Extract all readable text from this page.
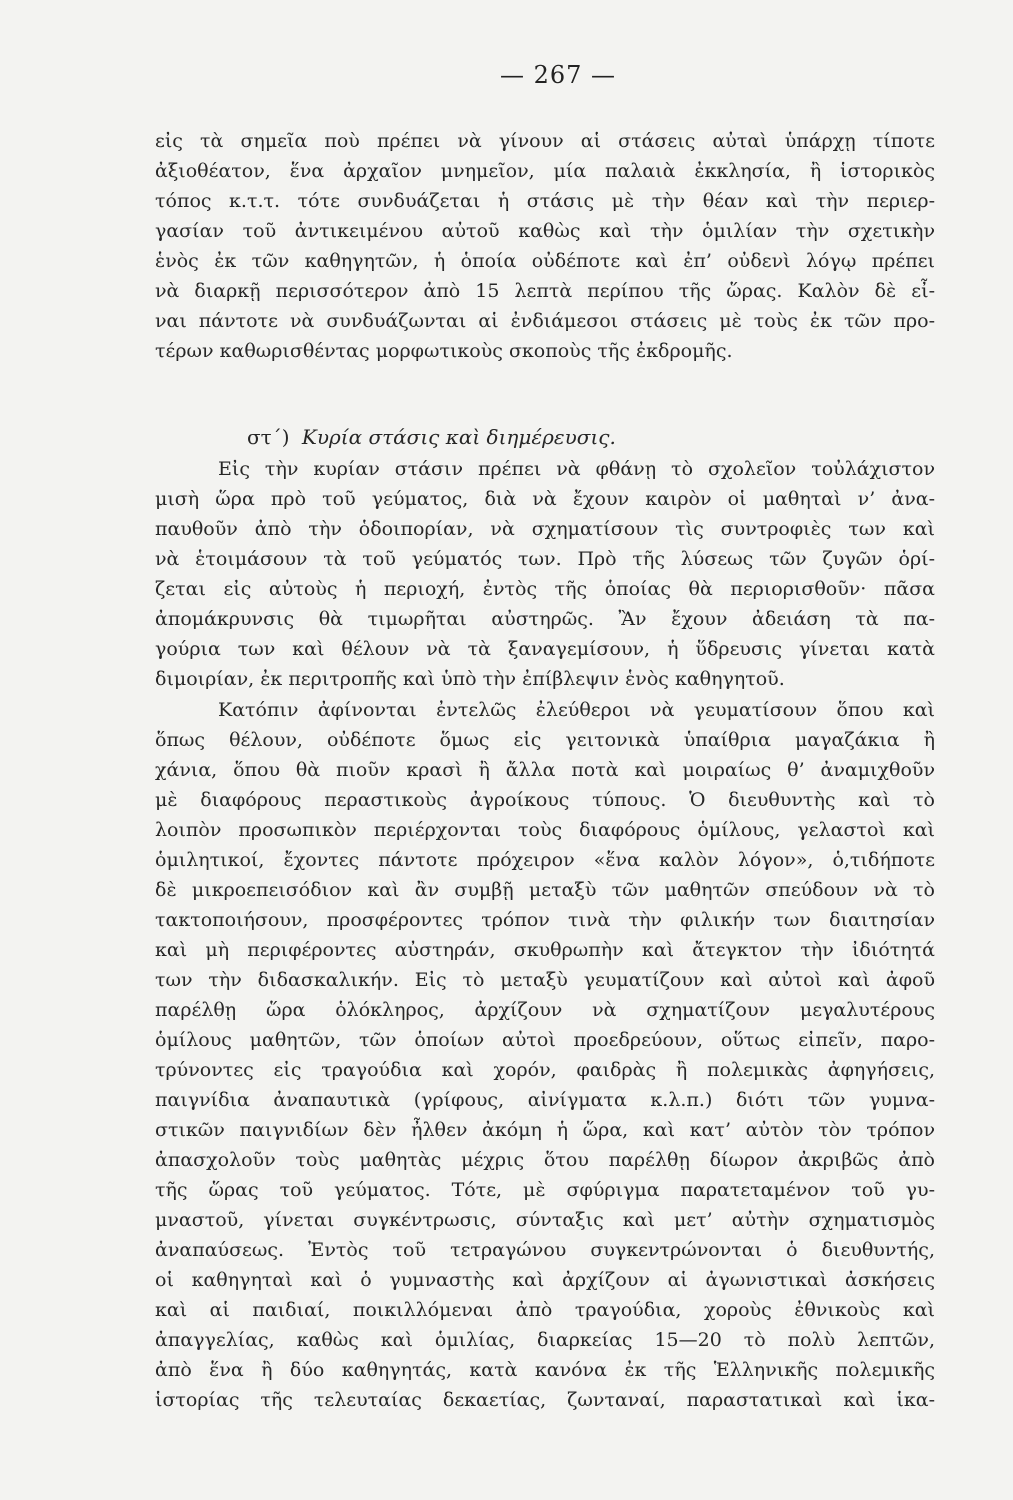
— 267 —
εἰς τὰ σημεῖα ποὺ πρέπει νὰ γίνουν αἱ στάσεις αὐταὶ ὑπάρχῃ τίποτε
ἀξιοθέατον, ἕνα ἀρχαῖον μνημεῖον, μία παλαιὰ ἐκκλησία, ἢ ἱστορικὸς
τόπος κ.τ.τ. τότε συνδυάζεται ἡ στάσις μὲ τὴν θέαν καὶ τὴν περιερ-
γασίαν τοῦ ἀντικειμένου αὐτοῦ καθὼς καὶ τὴν ὁμιλίαν τὴν σχετικὴν
ἑνὸς ἐκ τῶν καθηγητῶν, ἡ ὁποία οὐδέποτε καὶ ἐπ’ οὐδενὶ λόγῳ πρέπει
νὰ διαρκῇ περισσότερον ἀπὸ 15 λεπτὰ περίπου τῆς ὥρας. Καλὸν δὲ εἶ-
ναι πάντοτε νὰ συνδυάζωνται αἱ ἐνδιάμεσοι στάσεις μὲ τοὺς ἐκ τῶν προ-
τέρων καθωρισθέντας μορφωτικοὺς σκοποὺς τῆς ἐκδρομῆς.
στ΄) Κυρία στάσις καὶ διημέρευσις.
Εἰς τὴν κυρίαν στάσιν πρέπει νὰ φθάνῃ τὸ σχολεῖον τοὐλάχιστον
μισὴ ὥρα πρὸ τοῦ γεύματος, διὰ νὰ ἔχουν καιρὸν οἱ μαθηταὶ ν’ ἀνα-
παυθοῦν ἀπὸ τὴν ὁδοιπορίαν, νὰ σχηματίσουν τὶς συντροφιὲς των καὶ
νὰ ἑτοιμάσουν τὰ τοῦ γεύματός των. Πρὸ τῆς λύσεως τῶν ζυγῶν ὁρί-
ζεται εἰς αὐτοὺς ἡ περιοχή, ἐντὸς τῆς ὁποίας θὰ περιορισθοῦν· πᾶσα
ἀπομάκρυνσις θὰ τιμωρῆται αὐστηρῶς. Ἂν ἔχουν ἀδειάση τὰ πα-
γούρια των καὶ θέλουν νὰ τὰ ξαναγεμίσουν, ἡ ὕδρευσις γίνεται κατὰ
διμοιρίαν, ἐκ περιτροπῆς καὶ ὑπὸ τὴν ἐπίβλεψιν ἑνὸς καθηγητοῦ.
Κατόπιν ἀφίνονται ἐντελῶς ἐλεύθεροι νὰ γευματίσουν ὅπου καὶ
ὅπως θέλουν, οὐδέποτε ὅμως εἰς γειτονικὰ ὑπαίθρια μαγαζάκια ἢ
χάνια, ὅπου θὰ πιοῦν κρασὶ ἢ ἄλλα ποτὰ καὶ μοιραίως θ’ ἀναμιχθοῦν
μὲ διαφόρους περαστικοὺς ἀγροίκους τύπους. Ὁ διευθυντὴς καὶ τὸ
λοιπὸν προσωπικὸν περιέρχονται τοὺς διαφόρους ὁμίλους, γελαστοὶ καὶ
ὁμιλητικοί, ἔχοντες πάντοτε πρόχειρον «ἕνα καλὸν λόγον», ὁ,τιδήποτε
δὲ μικροεπεισόδιον καὶ ἂν συμβῇ μεταξὺ τῶν μαθητῶν σπεύδουν νὰ τὸ
τακτοποιήσουν, προσφέροντες τρόπον τινὰ τὴν φιλικήν των διαιτησίαν
καὶ μὴ περιφέροντες αὐστηράν, σκυθρωπὴν καὶ ἄτεγκτον τὴν ἰδιότητά
των τὴν διδασκαλικήν. Εἰς τὸ μεταξὺ γευματίζουν καὶ αὐτοὶ καὶ ἀφοῦ
παρέλθῃ ὥρα ὁλόκληρος, ἀρχίζουν νὰ σχηματίζουν μεγαλυτέρους
ὁμίλους μαθητῶν, τῶν ὁποίων αὐτοὶ προεδρεύουν, οὕτως εἰπεῖν, παρο-
τρύνοντες εἰς τραγούδια καὶ χορόν, φαιδρὰς ἢ πολεμικὰς ἀφηγήσεις,
παιγνίδια ἀναπαυτικὰ (γρίφους, αἰνίγματα κ.λ.π.) διότι τῶν γυμνα-
στικῶν παιγνιδίων δὲν ἦλθεν ἀκόμη ἡ ὥρα, καὶ κατ’ αὐτὸν τὸν τρόπον
ἀπασχολοῦν τοὺς μαθητὰς μέχρις ὅτου παρέλθῃ δίωρον ἀκριβῶς ἀπὸ
τῆς ὥρας τοῦ γεύματος. Τότε, μὲ σφύριγμα παρατεταμένον τοῦ γυ-
μναστοῦ, γίνεται συγκέντρωσις, σύνταξις καὶ μετ’ αὐτὴν σχηματισμὸς
ἀναπαύσεως. Ἐντὸς τοῦ τετραγώνου συγκεντρώνονται ὁ διευθυντής,
οἱ καθηγηταὶ καὶ ὁ γυμναστὴς καὶ ἀρχίζουν αἱ ἀγωνιστικαὶ ἀσκήσεις
καὶ αἱ παιδιαί, ποικιλλόμεναι ἀπὸ τραγούδια, χοροὺς ἐθνικοὺς καὶ
ἀπαγγελίας, καθὼς καὶ ὁμιλίας, διαρκείας 15—20 τὸ πολὺ λεπτῶν,
ἀπὸ ἕνα ἢ δύο καθηγητάς, κατὰ κανόνα ἐκ τῆς Ἑλληνικῆς πολεμικῆς
ἱστορίας τῆς τελευταίας δεκαετίας, ζωνταναί, παραστατικαὶ καὶ ἱκα-
